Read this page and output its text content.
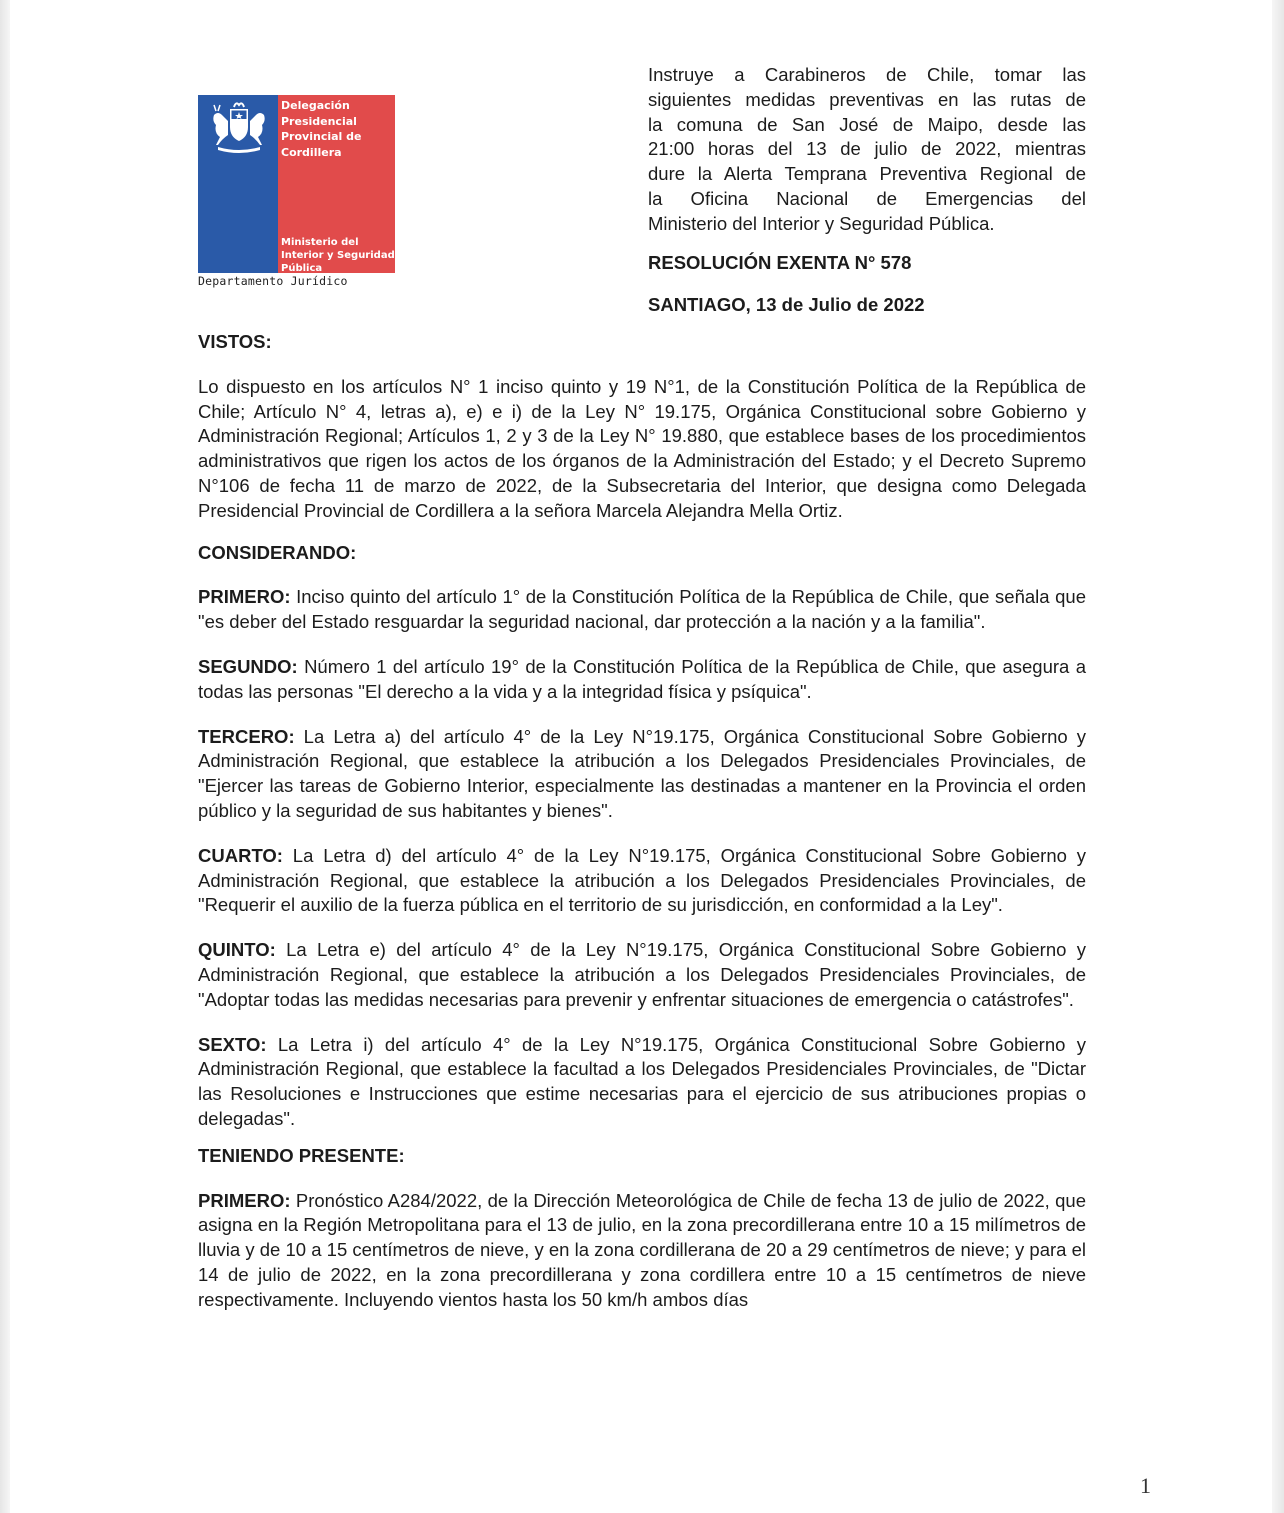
Delegación
Presidencial
Provincial de
Cordillera
Ministerio del
Interior y Seguridad
Pública
Departamento Jurídico
Instruye a Carabineros de Chile, tomar las
siguientes medidas preventivas en las rutas de
la comuna de San José de Maipo, desde las
21:00 horas del 13 de julio de 2022, mientras
dure la Alerta Temprana Preventiva Regional de
la Oficina Nacional de Emergencias del
Ministerio del Interior y Seguridad Pública.
RESOLUCIÓN EXENTA N° 578
SANTIAGO, 13 de Julio de 2022

VISTOS:

Lo dispuesto en los artículos N° 1 inciso quinto y 19 N°1, de la Constitución Política de la República de Chile; Artículo N° 4, letras a), e) e i) de la Ley N° 19.175, Orgánica Constitucional sobre Gobierno y Administración Regional; Artículos 1, 2 y 3 de la Ley N° 19.880, que establece bases de los procedimientos administrativos que rigen los actos de los órganos de la Administración del Estado; y el Decreto Supremo N°106 de fecha 11 de marzo de 2022, de la Subsecretaria del Interior, que designa como Delegada Presidencial Provincial de Cordillera a la señora Marcela Alejandra Mella Ortiz.

CONSIDERANDO:

PRIMERO: Inciso quinto del artículo 1° de la Constitución Política de la República de Chile, que señala que "es deber del Estado resguardar la seguridad nacional, dar protección a la nación y a la familia".

SEGUNDO: Número 1 del artículo 19° de la Constitución Política de la República de Chile, que asegura a todas las personas "El derecho a la vida y a la integridad física y psíquica".

TERCERO: La Letra a) del artículo 4° de la Ley N°19.175, Orgánica Constitucional Sobre Gobierno y Administración Regional, que establece la atribución a los Delegados Presidenciales Provinciales, de "Ejercer las tareas de Gobierno Interior, especialmente las destinadas a mantener en la Provincia el orden público y la seguridad de sus habitantes y bienes".

CUARTO: La Letra d) del artículo 4° de la Ley N°19.175, Orgánica Constitucional Sobre Gobierno y Administración Regional, que establece la atribución a los Delegados Presidenciales Provinciales, de "Requerir el auxilio de la fuerza pública en el territorio de su jurisdicción, en conformidad a la Ley".

QUINTO: La Letra e) del artículo 4° de la Ley N°19.175, Orgánica Constitucional Sobre Gobierno y Administración Regional, que establece la atribución a los Delegados Presidenciales Provinciales, de "Adoptar todas las medidas necesarias para prevenir y enfrentar situaciones de emergencia o catástrofes".

SEXTO: La Letra i) del artículo 4° de la Ley N°19.175, Orgánica Constitucional Sobre Gobierno y Administración Regional, que establece la facultad a los Delegados Presidenciales Provinciales, de "Dictar las Resoluciones e Instrucciones que estime necesarias para el ejercicio de sus atribuciones propias o delegadas".

TENIENDO PRESENTE:

PRIMERO: Pronóstico A284/2022, de la Dirección Meteorológica de Chile de fecha 13 de julio de 2022, que asigna en la Región Metropolitana para el 13 de julio, en la zona precordillerana entre 10 a 15 milímetros de lluvia y de 10 a 15 centímetros de nieve, y en la zona cordillerana de 20 a 29 centímetros de nieve; y para el 14 de julio de 2022, en la zona precordillerana y zona cordillera entre 10 a 15 centímetros de nieve respectivamente. Incluyendo vientos hasta los 50 km/h ambos días

1
